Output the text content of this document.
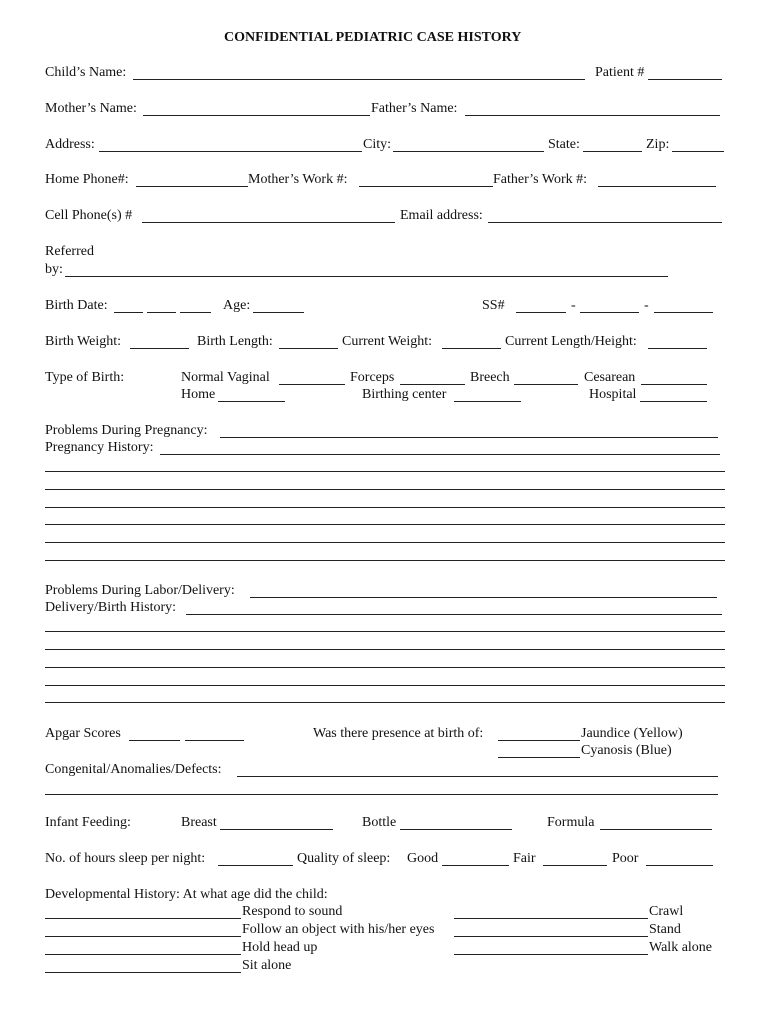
CONFIDENTIAL PEDIATRIC CASE HISTORY
Child’s Name:	Patient #
Mother’s Name:	Father’s Name:
Address:	City:	State:	Zip:
Home Phone#:	Mother’s Work #:	Father’s Work #:
Cell Phone(s) #	Email address:
Referred
by:
Birth Date:	Age:	SS#	-	-
Birth Weight:	Birth Length:	Current Weight:	Current Length/Height:
Type of Birth:	Normal Vaginal	Forceps	Breech	Cesarean
Home	Birthing center	Hospital
Problems During Pregnancy:
Pregnancy History:
Problems During Labor/Delivery:
Delivery/Birth History:
Apgar Scores	Was there presence at birth of:	Jaundice (Yellow)
Cyanosis (Blue)
Congenital/Anomalies/Defects:
Infant Feeding:	Breast	Bottle	Formula
No. of hours sleep per night:	Quality of sleep: Good	Fair	Poor
Developmental History: At what age did the child:
Respond to sound	Crawl
Follow an object with his/her eyes	Stand
Hold head up	Walk alone
Sit alone
